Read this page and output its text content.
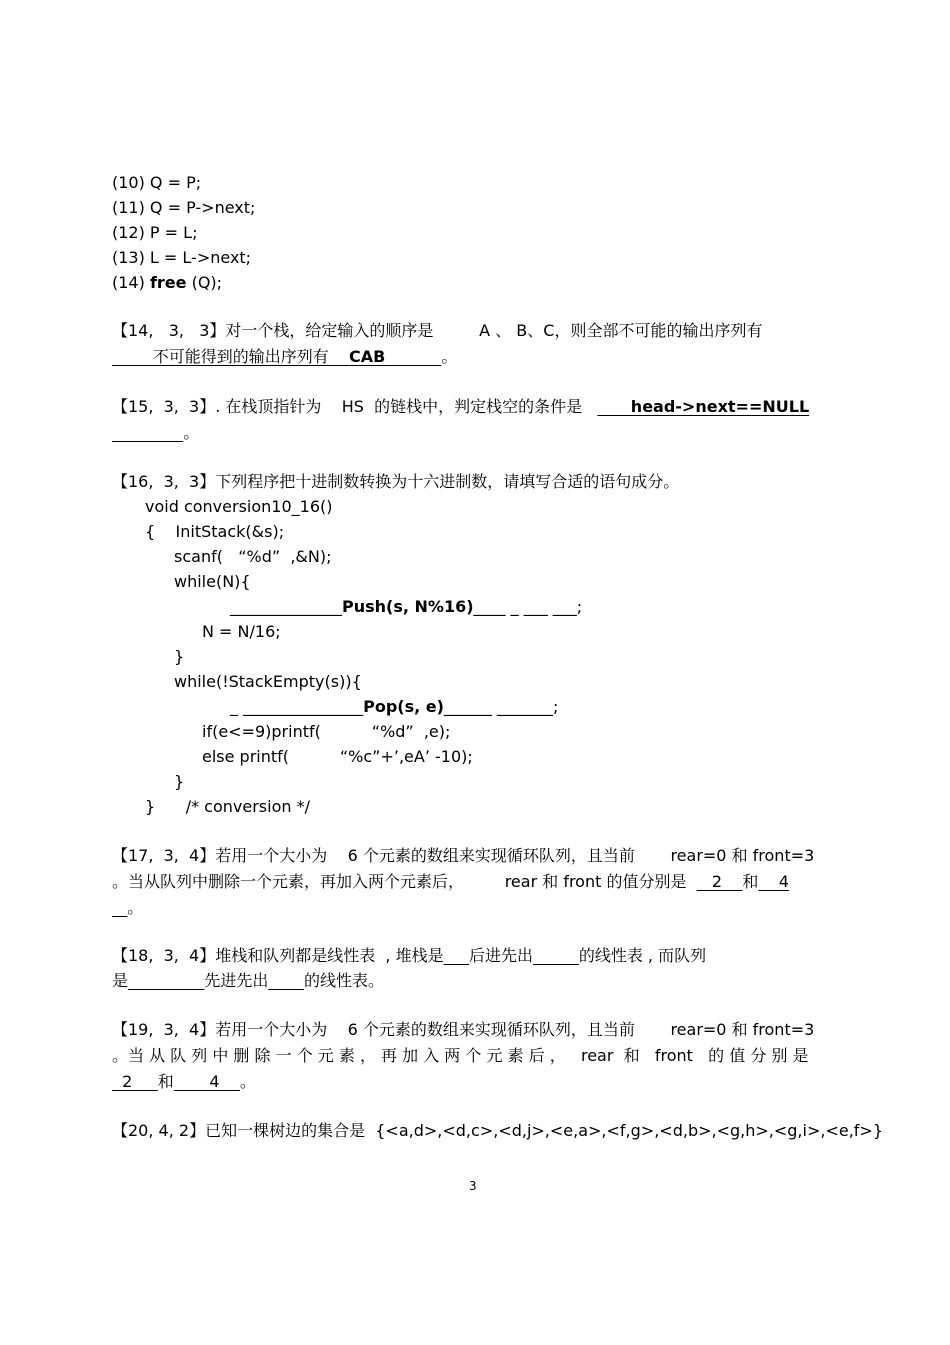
(10) Q = P;
(11) Q = P->next;
(12) P = L;
(13) L = L->next;
(14) free (Q);
【14,   3,   3】对一个栈，给定输入的顺序是         A 、 B、C，则全部不可能的输出序列有
不可能得到的输出序列有    CAB	。
【15,  3,  3】. 在栈顶指针为    HS  的链栈中，判定栈空的条件是         head->next==NULL
。
【16,  3,  3】下列程序把十进制数转换为十六进制数，请填写合适的语句成分。
void conversion10_16()
{    InitStack(&s);
scanf(   “%d”  ,&N);
while(N){
______________Push(s, N%16)____ _ ___ ___;
N = N/16;
}
while(!StackEmpty(s)){
_ _______________Pop(s, e)______ _______;
if(e<=9)printf(          “%d”  ,e);
else printf(          “%c”+’,eA’ -10);
}
}      /* conversion */
【17,  3,  4】若用一个大小为    6 个元素的数组来实现循环队列，且当前       rear=0 和 front=3
。当从队列中删除一个元素，再加入两个元素后，        rear 和 front 的值分别是     2    和    4
。
【18,  3,  4】堆栈和队列都是线性表  , 堆栈是 后进先出	的线性表 , 而队列
是	先进先出 的线性表。
【19,  3,  4】若用一个大小为    6 个元素的数组来实现循环队列，且当前       rear=0 和 front=3
。当 从 队 列 中 删 除 一 个 元 素 ， 再 加 入 两 个 元 素 后 ，   rear  和   front   的 值 分 别 是
2     和       4    。
【20, 4, 2】已知一棵树边的集合是  {<a,d>,<d,c>,<d,j>,<e,a>,<f,g>,<d,b>,<g,h>,<g,i>,<e,f>}
3
